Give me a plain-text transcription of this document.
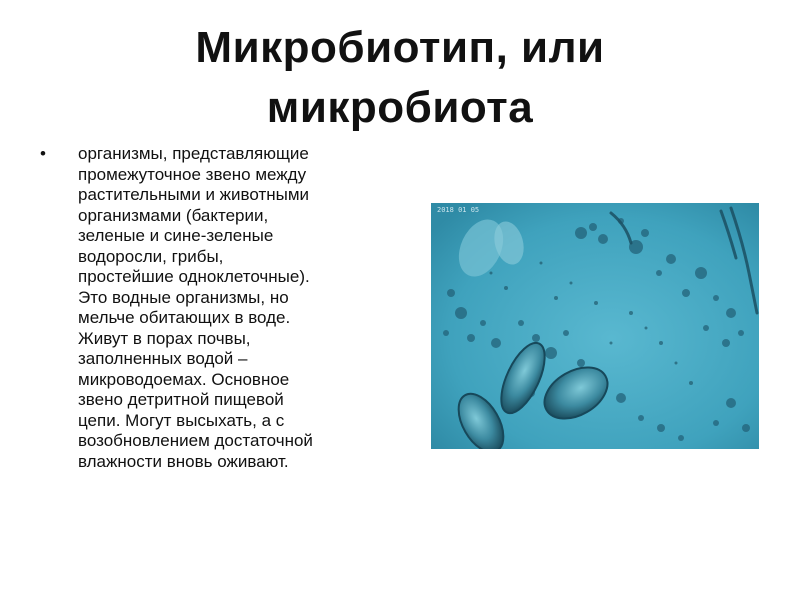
Микробиотип, или
микробиота
•	организмы, представляющие
промежуточное звено между
растительными и животными
организмами (бактерии,
зеленые и сине-зеленые
водоросли, грибы,
простейшие одноклеточные).
Это водные организмы, но
мельче обитающих в воде.
Живут в порах почвы,
заполненных водой –
микроводоемах. Основное
звено детритной пищевой
цепи. Могут высыхать, а с
возобновлением достаточной
влажности вновь оживают.
2018 01 05
